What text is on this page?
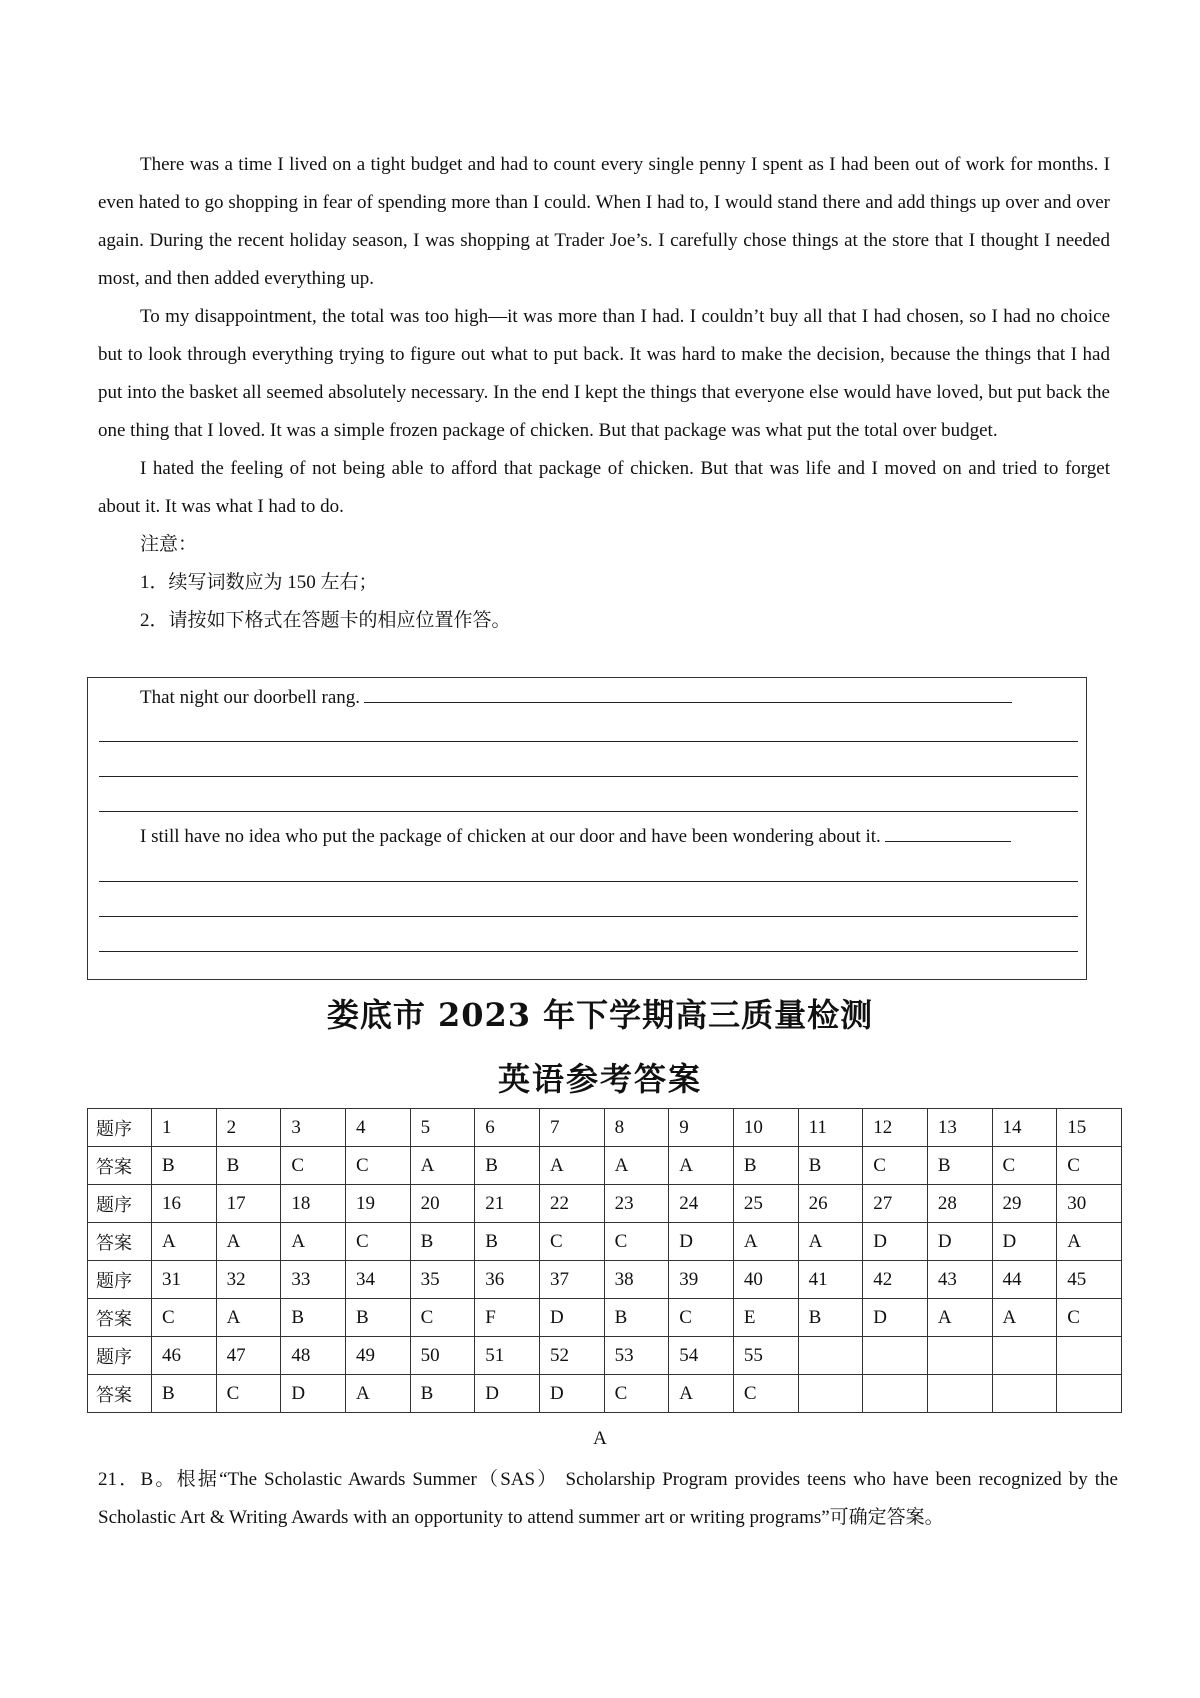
There was a time I lived on a tight budget and had to count every single penny I spent as I had been out of work for months. I even hated to go shopping in fear of spending more than I could. When I had to, I would stand there and add things up over and over again. During the recent holiday season, I was shopping at Trader Joe’s. I carefully chose things at the store that I thought I needed most, and then added everything up.

To my disappointment, the total was too high—it was more than I had. I couldn’t buy all that I had chosen, so I had no choice but to look through everything trying to figure out what to put back. It was hard to make the decision, because the things that I had put into the basket all seemed absolutely necessary. In the end I kept the things that everyone else would have loved, but put back the one thing that I loved. It was a simple frozen package of chicken. But that package was what put the total over budget.

I hated the feeling of not being able to afford that package of chicken. But that was life and I moved on and tried to forget about it. It was what I had to do.

注意：

1．续写词数应为 150 左右；

2．请按如下格式在答题卡的相应位置作答。

That night our doorbell rang.
I still have no idea who put the package of chicken at our door and have been wondering about it.
娄底市 2023 年下学期高三质量检测
英语参考答案
题序	1	2	3	4	5	6	7	8	9	10	11	12	13	14	15
答案	B	B	C	C	A	B	A	A	A	B	B	C	B	C	C
题序	16	17	18	19	20	21	22	23	24	25	26	27	28	29	30
答案	A	A	A	C	B	B	C	C	D	A	A	D	D	D	A
题序	31	32	33	34	35	36	37	38	39	40	41	42	43	44	45
答案	C	A	B	B	C	F	D	B	C	E	B	D	A	A	C
题序	46	47	48	49	50	51	52	53	54	55					
答案	B	C	D	A	B	D	D	C	A	C					
A
21．B。根据“The Scholastic Awards Summer（SAS） Scholarship Program provides teens who have been recognized by the Scholastic Art & Writing Awards with an opportunity to attend summer art or writing programs”可确定答案。
